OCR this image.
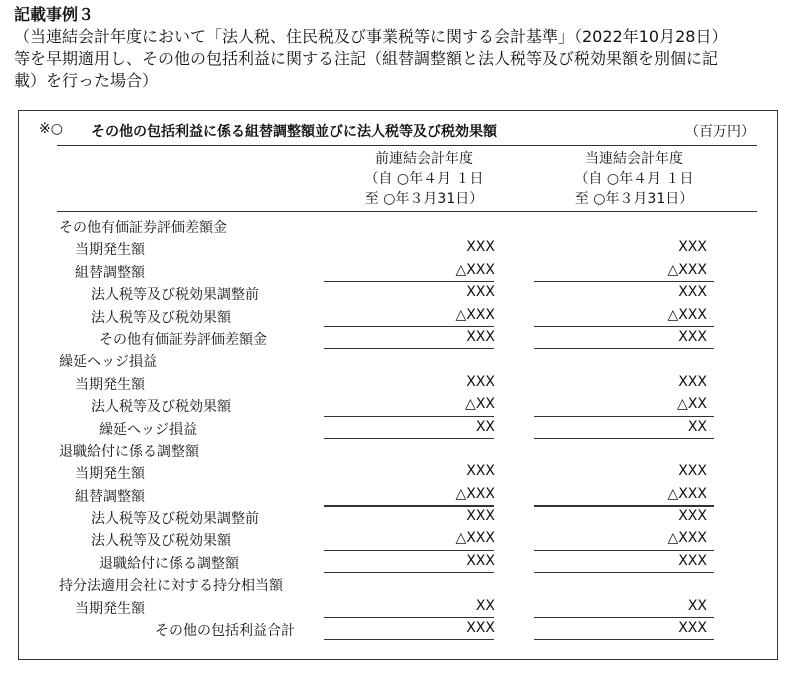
記載事例３
（当連結会計年度において「法人税、住民税及び事業税等に関する会計基準」（2022年10月28日）
等を早期適用し、その他の包括利益に関する注記（組替調整額と法人税等及び税効果額を別個に記
載）を行った場合）
※○ その他の包括利益に係る組替調整額並びに法人税等及び税効果額	（百万円）
前連結会計年度
（自 ○年４月 １日
至 ○年３月31日）
当連結会計年度
（自 ○年４月 １日
至 ○年３月31日）
その他有価証券評価差額金
当期発生額	XXX	XXX
組替調整額	△XXX	△XXX
法人税等及び税効果調整前	XXX	XXX
法人税等及び税効果額	△XXX	△XXX
その他有価証券評価差額金	XXX	XXX
繰延ヘッジ損益
当期発生額	XXX	XXX
法人税等及び税効果額	△XX	△XX
繰延ヘッジ損益	XX	XX
退職給付に係る調整額
当期発生額	XXX	XXX
組替調整額	△XXX	△XXX
法人税等及び税効果調整前	XXX	XXX
法人税等及び税効果額	△XXX	△XXX
退職給付に係る調整額	XXX	XXX
持分法適用会社に対する持分相当額
当期発生額	XX	XX
その他の包括利益合計	XXX	XXX
